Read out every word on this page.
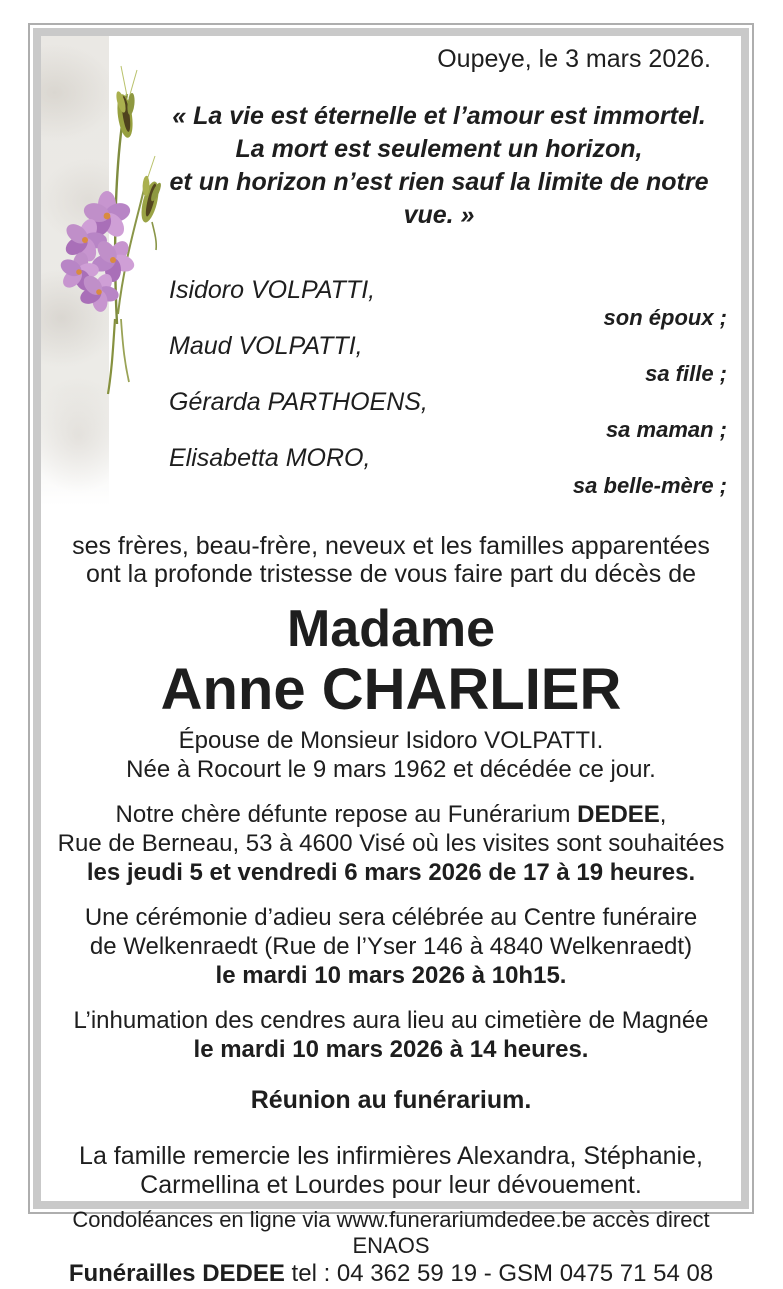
Oupeye, le 3 mars 2026.
« La vie est éternelle et l’amour est immortel.
La mort est seulement un horizon,
et un horizon n’est rien sauf la limite de notre vue. »
Isidoro VOLPATTI,
son époux ;
Maud VOLPATTI,
sa fille ;
Gérarda PARTHOENS,
sa maman ;
Elisabetta MORO,
sa belle-mère ;
ses frères, beau-frère, neveux et les familles apparentées
ont la profonde tristesse de vous faire part du décès de
Madame
Anne CHARLIER
Épouse de Monsieur Isidoro VOLPATTI.
Née à Rocourt le 9 mars 1962 et décédée ce jour.
Notre chère défunte repose au Funérarium DEDEE,
Rue de Berneau, 53 à 4600 Visé où les visites sont souhaitées
les jeudi 5 et vendredi 6 mars 2026 de 17 à 19 heures.
Une cérémonie d’adieu sera célébrée au Centre funéraire
de Welkenraedt (Rue de l’Yser 146 à 4840 Welkenraedt)
le mardi 10 mars 2026 à 10h15.
L’inhumation des cendres aura lieu au cimetière de Magnée
le mardi 10 mars 2026 à 14 heures.
Réunion au funérarium.
La famille remercie les infirmières Alexandra, Stéphanie,
Carmellina et Lourdes pour leur dévouement.
Condoléances en ligne via www.funerariumdedee.be accès direct ENAOS
Funérailles DEDEE tel : 04 362 59 19 - GSM 0475 71 54 08
